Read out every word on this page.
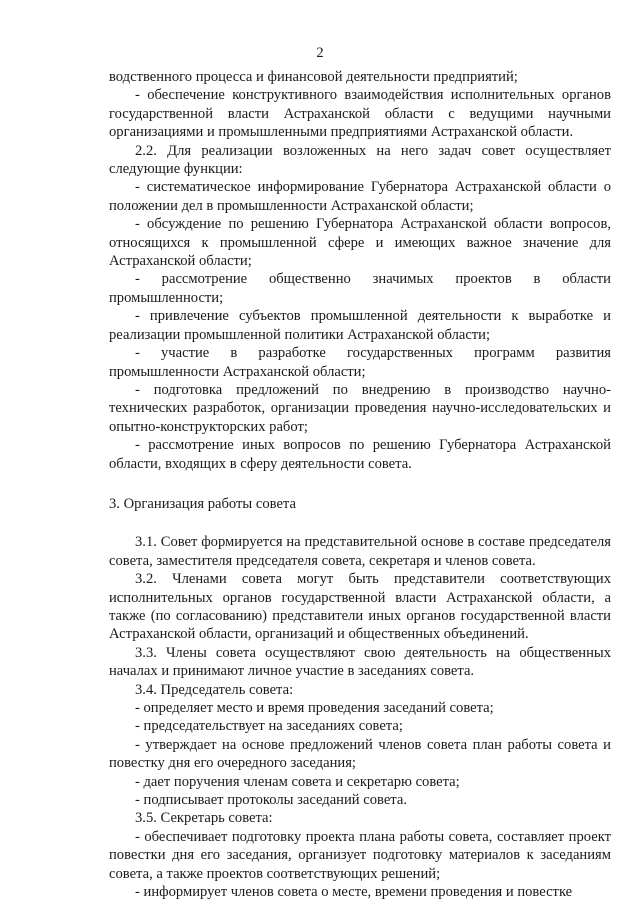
2

водственного процесса и финансовой деятельности предприятий;

- обеспечение конструктивного взаимодействия исполнительных органов государственной власти Астраханской области с ведущими научными организациями и промышленными предприятиями Астраханской области.

2.2. Для реализации возложенных на него задач совет осуществляет следующие функции:

- систематическое информирование Губернатора Астраханской области о положении дел в промышленности Астраханской области;

- обсуждение по решению Губернатора Астраханской области вопросов, относящихся к промышленной сфере и имеющих важное значение для Астраханской области;

- рассмотрение общественно значимых проектов в области промышленности;

- привлечение субъектов промышленной деятельности к выработке и реализации промышленной политики Астраханской области;

- участие в разработке государственных программ развития промышленности Астраханской области;

- подготовка предложений по внедрению в производство научно-технических разработок, организации проведения научно-исследовательских и опытно-конструкторских работ;

- рассмотрение иных вопросов по решению Губернатора Астраханской области, входящих в сферу деятельности совета.

3. Организация работы совета

3.1. Совет формируется на представительной основе в составе председателя совета, заместителя председателя совета, секретаря и членов совета.

3.2. Членами совета могут быть представители соответствующих исполнительных органов государственной власти Астраханской области, а также (по согласованию) представители иных органов государственной власти Астраханской области, организаций и общественных объединений.

3.3. Члены совета осуществляют свою деятельность на общественных началах и принимают личное участие в заседаниях совета.

3.4. Председатель совета:

- определяет место и время проведения заседаний совета;

- председательствует на заседаниях совета;

- утверждает на основе предложений членов совета план работы совета и повестку дня его очередного заседания;

- дает поручения членам совета и секретарю совета;

- подписывает протоколы заседаний совета.

3.5. Секретарь совета:

- обеспечивает подготовку проекта плана работы совета, составляет проект повестки дня его заседания, организует подготовку материалов к заседаниям совета, а также проектов соответствующих решений;

- информирует членов совета о месте, времени проведения и повестке
